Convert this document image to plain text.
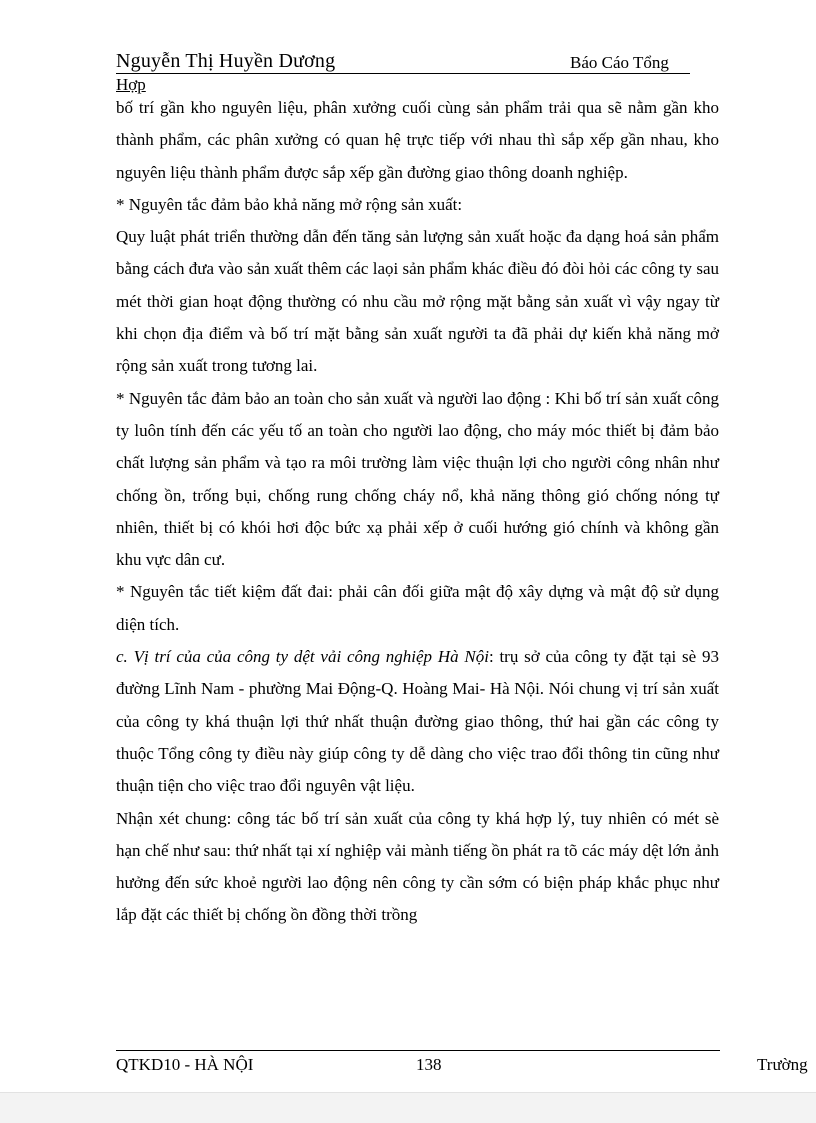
Nguyễn Thị Huyền Dương	Báo Cáo Tổng
Hợp

bố trí gần kho nguyên liệu, phân xưởng cuối cùng sản phẩm trải qua sẽ nằm gần kho thành phẩm, các phân xưởng có quan hệ trực tiếp với nhau thì sắp xếp gần nhau, kho nguyên liệu thành phẩm được sắp xếp gần đường giao thông doanh nghiệp.

* Nguyên tắc đảm bảo khả năng mở rộng sản xuất:

Quy luật phát triển thường dẫn đến tăng sản lượng sản xuất hoặc đa dạng hoá sản phẩm bằng cách đưa vào sản xuất thêm các laọi sản phẩm khác điều đó đòi hỏi các công ty sau mét thời gian hoạt động thường có nhu cầu mở rộng mặt bằng sản xuất vì vậy ngay từ khi chọn địa điểm và bố trí mặt bằng sản xuất người ta đã phải dự kiến khả năng mở rộng sản xuất trong tương lai.

* Nguyên tắc đảm bảo an toàn cho sản xuất và người lao động : Khi bố trí sản xuất công ty luôn tính đến các yếu tố an toàn cho người lao động, cho máy móc thiết bị đảm bảo chất lượng sản phẩm và tạo ra môi trường làm việc thuận lợi cho người công nhân như chống ồn, trống bụi, chống rung chống cháy nổ, khả năng thông gió chống nóng tự nhiên, thiết bị có khói hơi độc bức xạ phải xếp ở cuối hướng gió chính và không gần khu vực dân cư.

* Nguyên tắc tiết kiệm đất đai: phải cân đối giữa mật độ xây dựng và mật độ sử dụng diện tích.

c. Vị trí của của công ty dệt vải công nghiệp Hà Nội: trụ sở của công ty đặt tại sè 93 đường Lĩnh Nam - phường Mai Động-Q. Hoàng Mai- Hà Nội. Nói chung vị trí sản xuất của công ty khá thuận lợi thứ nhất thuận đường giao thông, thứ hai gần các công ty thuộc Tổng công ty điều này giúp công ty dễ dàng cho việc trao đổi thông tin cũng như thuận tiện cho việc trao đổi nguyên vật liệu.

Nhận xét chung: công tác bố trí sản xuất của công ty khá hợp lý, tuy nhiên có mét sè hạn chế như sau: thứ nhất tại xí nghiệp vải mành tiếng ồn phát ra tõ các máy dệt lớn ảnh hưởng đến sức khoẻ người lao động nên công ty cần sớm có biện pháp khắc phục như lắp đặt các thiết bị chống ồn đồng thời trồng

QTKD10 - HÀ NỘI	138	Trường
